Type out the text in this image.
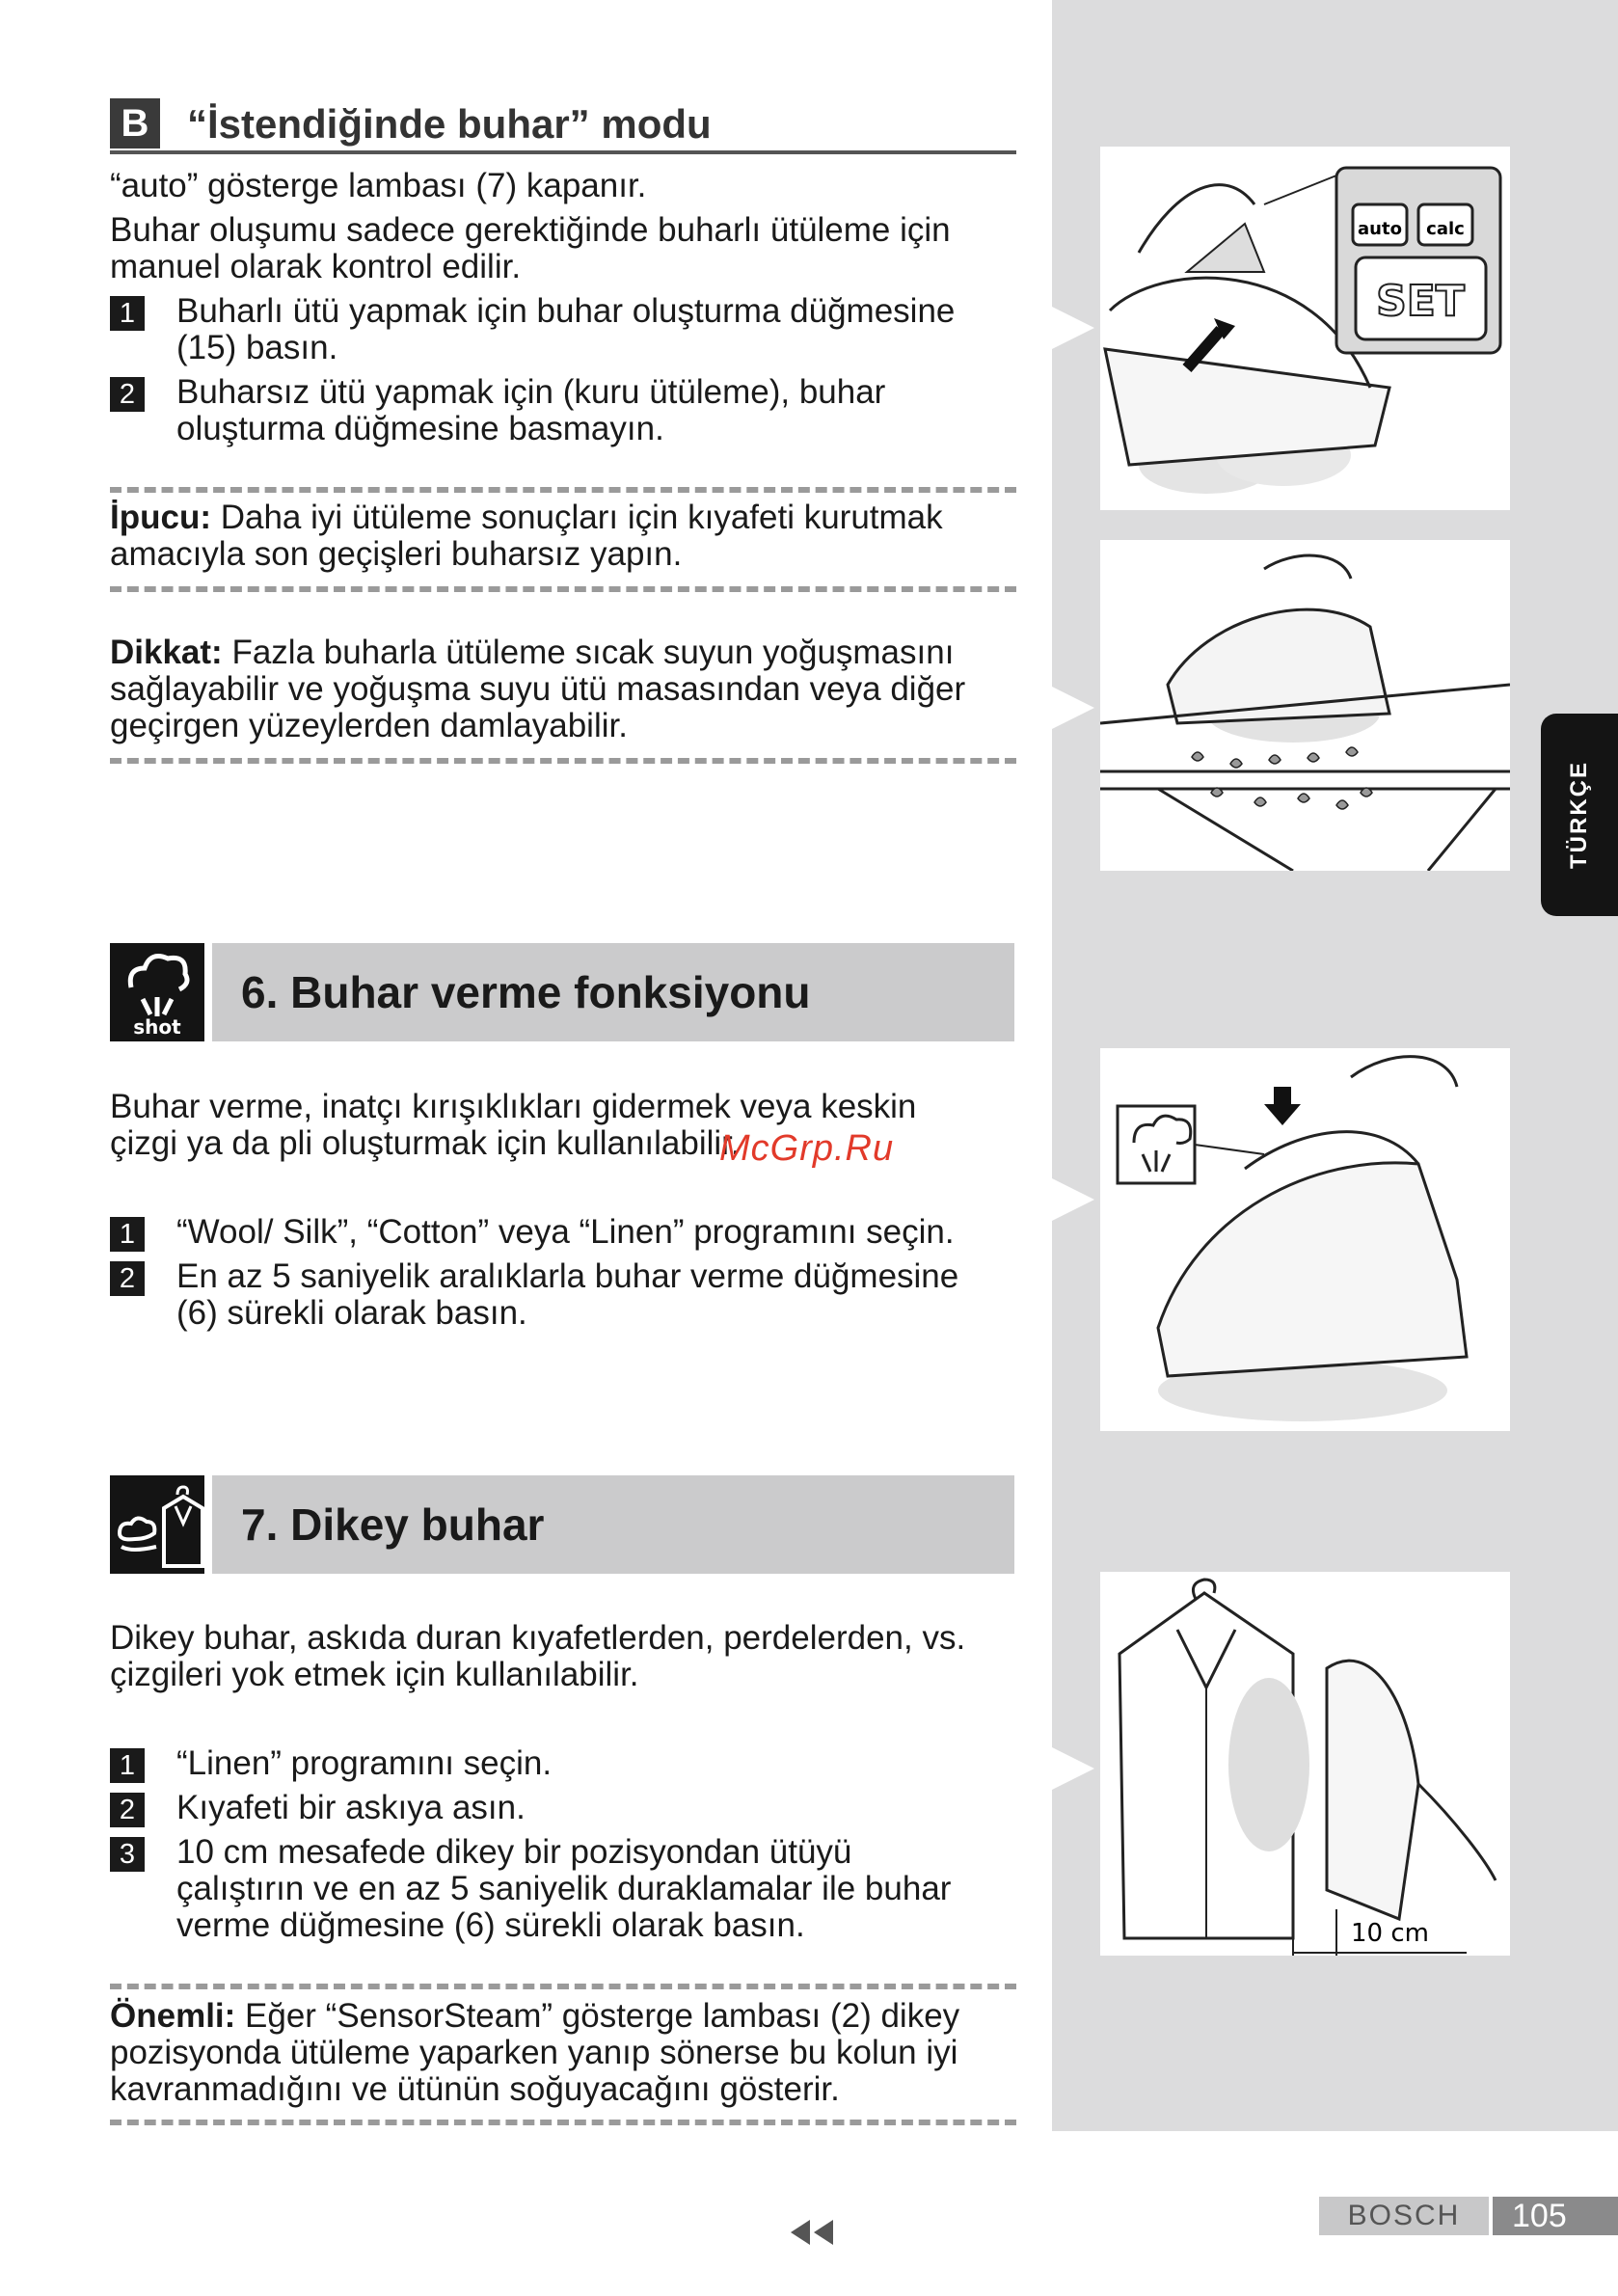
TÜRKÇE
auto calc
SET
10 cm
B “İstendiğinde buhar” modu

“auto” gösterge lambası (7) kapanır.

Buhar oluşumu sadece gerektiğinde buharlı ütüleme için

manuel olarak kontrol edilir.

1 Buharlı ütü yapmak için buhar oluşturma düğmesine
(15) basın.
2 Buharsız ütü yapmak için (kuru ütüleme), buhar
oluşturma düğmesine basmayın.
İpucu: Daha iyi ütüleme sonuçları için kıyafeti kurutmak
amacıyla son geçişleri buharsız yapın.
Dikkat: Fazla buharla ütüleme sıcak suyun yoğuşmasını
sağlayabilir ve yoğuşma suyu ütü masasından veya diğer
geçirgen yüzeylerden damlayabilir.
shot
6. Buhar verme fonksiyonu

Buhar verme, inatçı kırışıklıkları gidermek veya keskin

çizgi ya da pli oluşturmak için kullanılabilir.

McGrp.Ru
1 “Wool/ Silk”, “Cotton” veya “Linen” programını seçin.
2 En az 5 saniyelik aralıklarla buhar verme düğmesine
(6) sürekli olarak basın.
7. Dikey buhar

Dikey buhar, askıda duran kıyafetlerden, perdelerden, vs.

çizgileri yok etmek için kullanılabilir.

1 “Linen” programını seçin.
2 Kıyafeti bir askıya asın.
3 10 cm mesafede dikey bir pozisyondan ütüyü
çalıştırın ve en az 5 saniyelik duraklamalar ile buhar
verme düğmesine (6) sürekli olarak basın.
Önemli: Eğer “SensorSteam” gösterge lambası (2) dikey
pozisyonda ütüleme yaparken yanıp sönerse bu kolun iyi
kavranmadığını ve ütünün soğuyacağını gösterir.
BOSCH	105
